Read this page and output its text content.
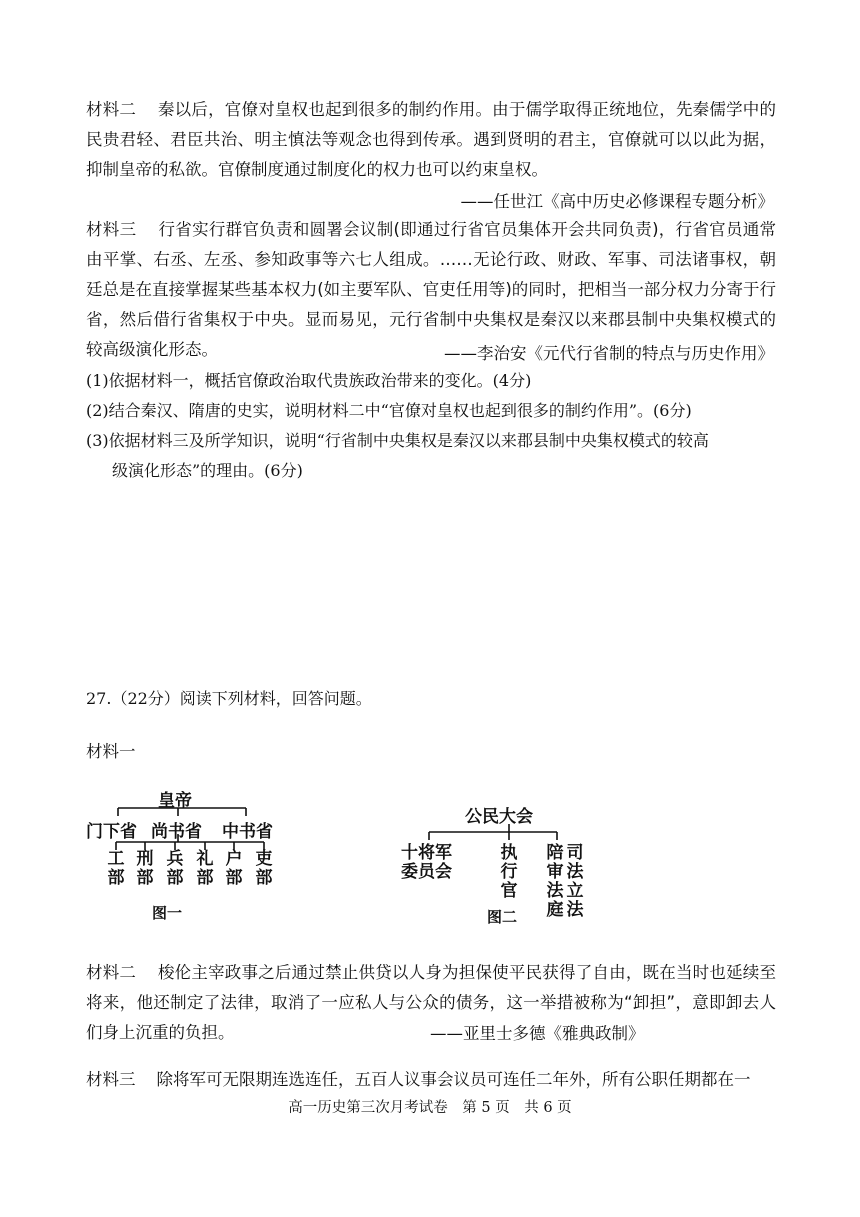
材料二 秦以后，官僚对皇权也起到很多的制约作用。由于儒学取得正统地位，先秦儒学中的民贵君轻、君臣共治、明主慎法等观念也得到传承。遇到贤明的君主，官僚就可以以此为据，抑制皇帝的私欲。官僚制度通过制度化的权力也可以约束皇权。
——任世江《高中历史必修课程专题分析》
材料三 行省实行群官负责和圆署会议制(即通过行省官员集体开会共同负责)，行省官员通常由平掌、右丞、左丞、参知政事等六七人组成。……无论行政、财政、军事、司法诸事权，朝廷总是在直接掌握某些基本权力(如主要军队、官吏任用等)的同时，把相当一部分权力分寄于行省，然后借行省集权于中央。显而易见，元行省制中央集权是秦汉以来郡县制中央集权模式的较高级演化形态。	——李治安《元代行省制的特点与历史作用》
(1)依据材料一，概括官僚政治取代贵族政治带来的变化。(4分)
(2)结合秦汉、隋唐的史实，说明材料二中“官僚对皇权也起到很多的制约作用”。(6分)
(3)依据材料三及所学知识，说明“行省制中央集权是秦汉以来郡县制中央集权模式的较高
级演化形态”的理由。(6分)
27.（22分）阅读下列材料，回答问题。
材料一
皇帝
门下省 尚书省 中书省
工部
刑部
兵部
礼部
户部
吏部
图一
公民大会
十将军委员会
执行官
陪审法庭
司法立法
图二
材料二 梭伦主宰政事之后通过禁止供贷以人身为担保使平民获得了自由，既在当时也延续至将来，他还制定了法律，取消了一应私人与公众的债务，这一举措被称为“卸担”，意即卸去人们身上沉重的负担。	——亚里士多德《雅典政制》
材料三 除将军可无限期连选连任，五百人议事会议员可连任二年外，所有公职任期都在一
高一历史第三次月考试卷　第 5 页　共 6 页
